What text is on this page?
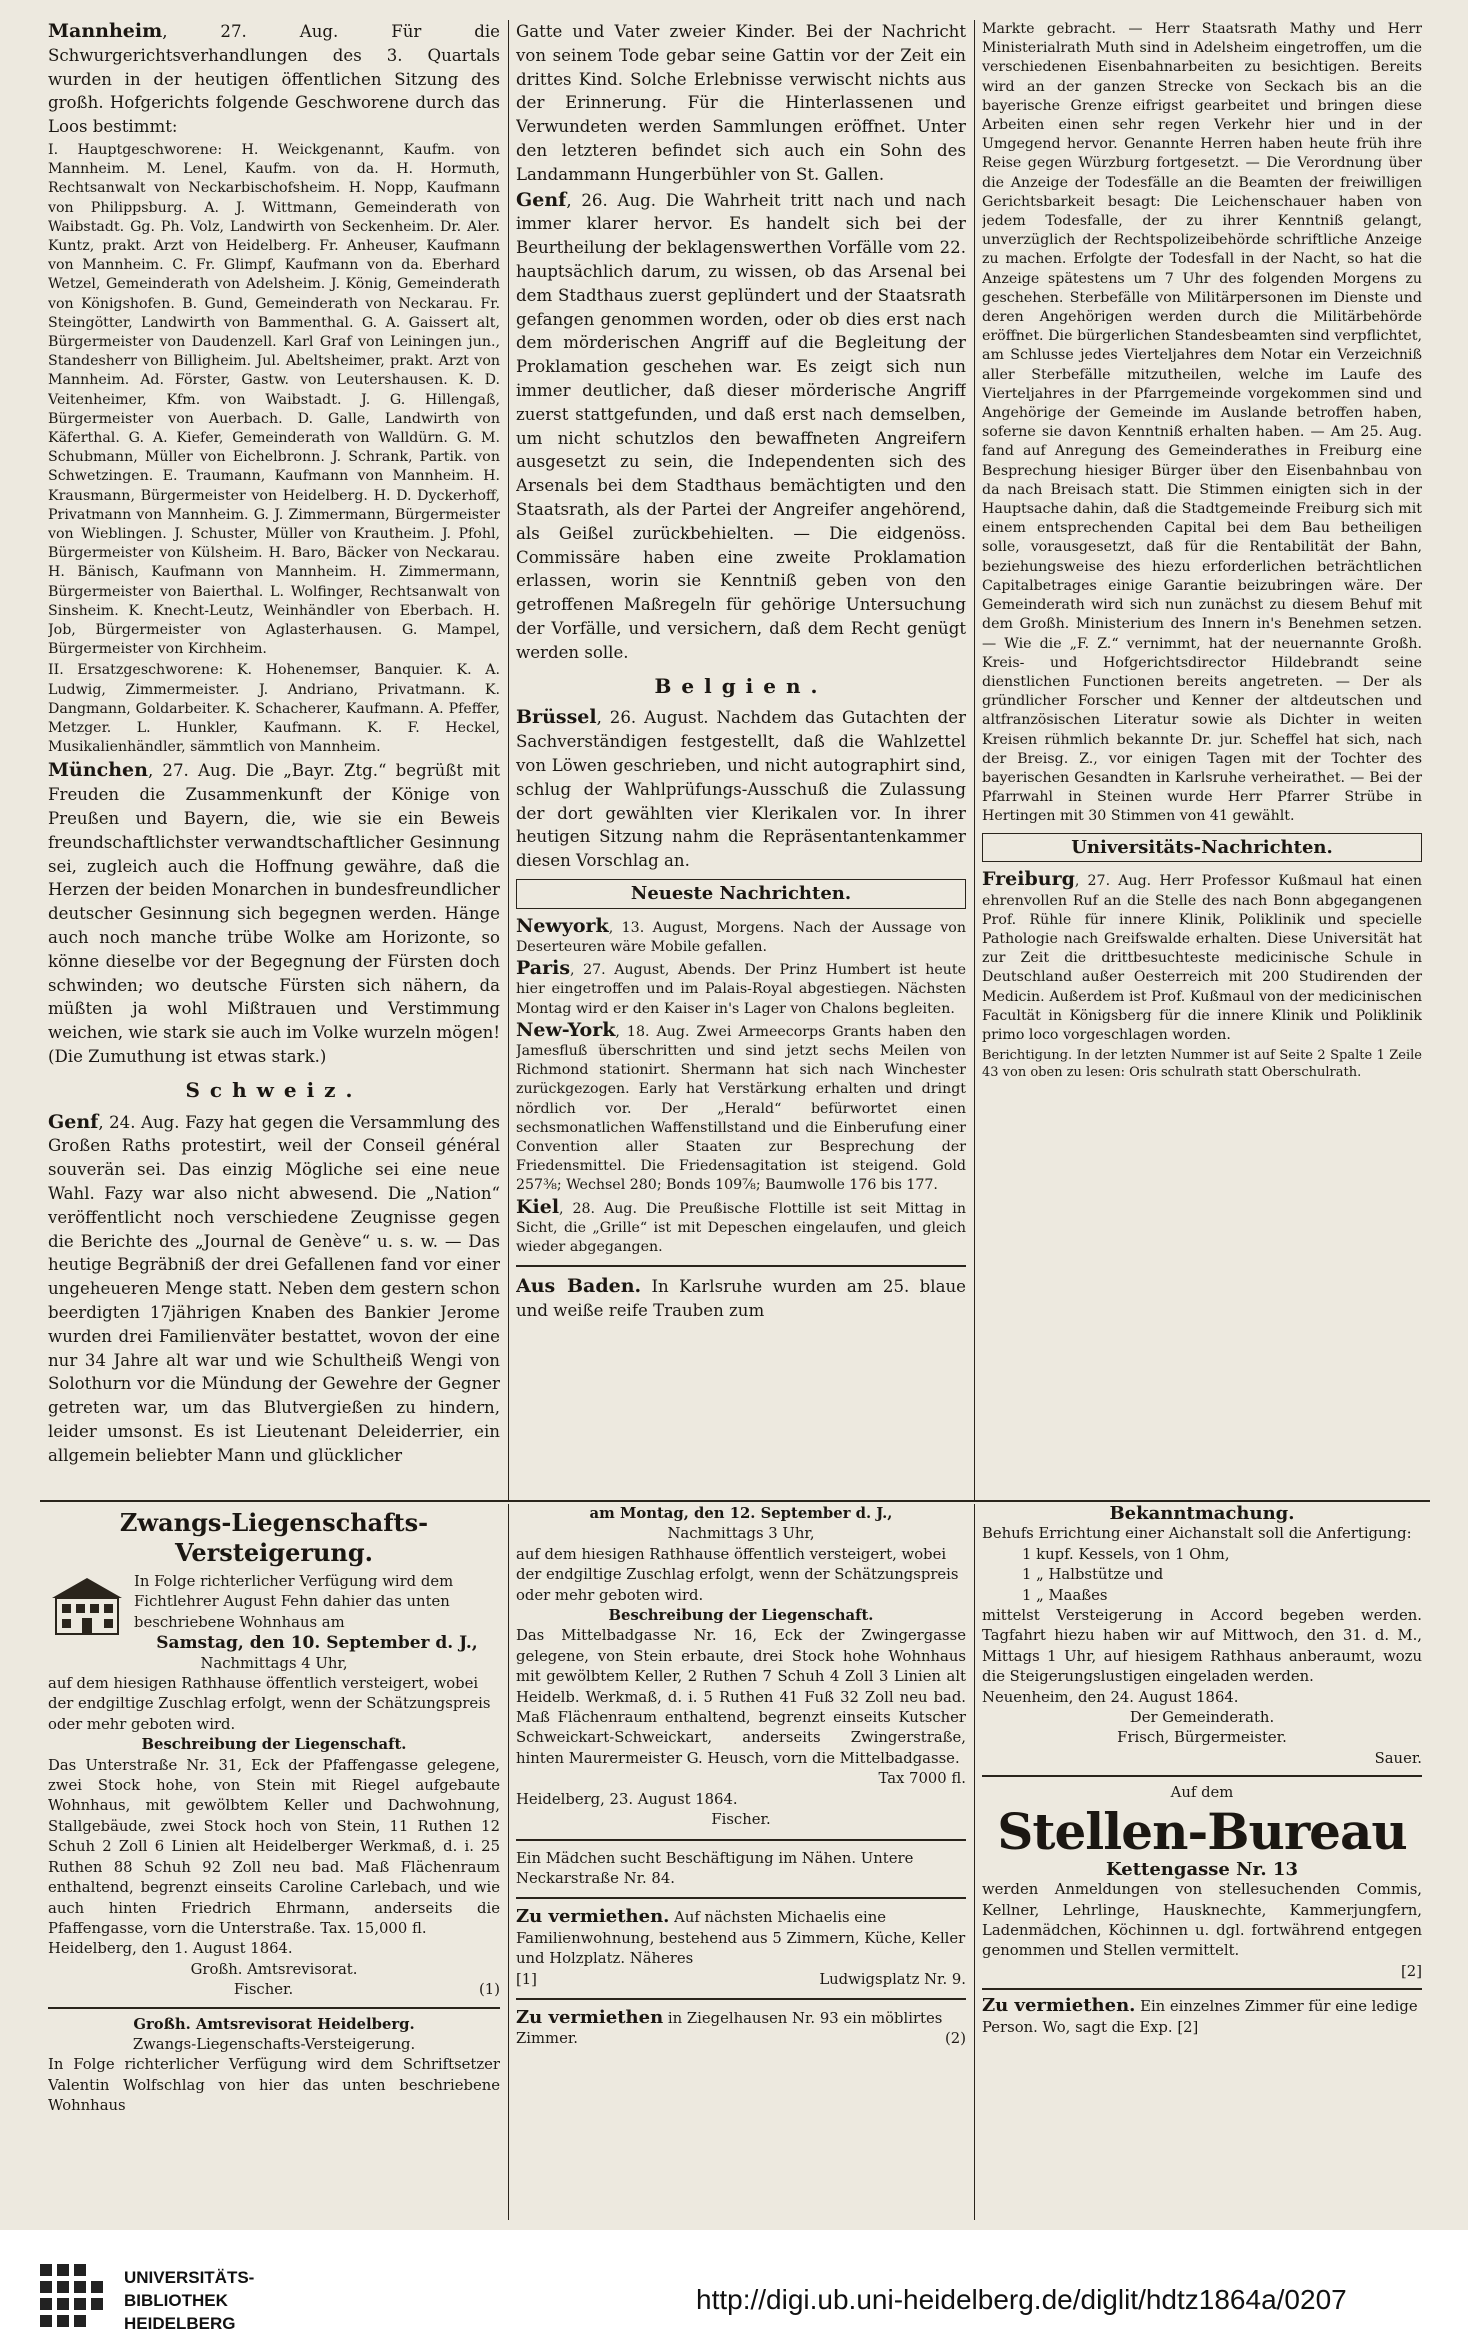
Mannheim, 27. Aug. Für die Schwurgerichtsverhandlungen des 3. Quartals wurden in der heutigen öffentlichen Sitzung des großh. Hofgerichts folgende Geschworene durch das Loos bestimmt:

I. Hauptgeschworene: H. Weickgenannt, Kaufm. von Mannheim. M. Lenel, Kaufm. von da. H. Hormuth, Rechtsanwalt von Neckarbischofsheim. H. Nopp, Kaufmann von Philippsburg. A. J. Wittmann, Gemeinderath von Waibstadt. Gg. Ph. Volz, Landwirth von Seckenheim. Dr. Aler. Kuntz, prakt. Arzt von Heidelberg. Fr. Anheuser, Kaufmann von Mannheim. C. Fr. Glimpf, Kaufmann von da. Eberhard Wetzel, Gemeinderath von Adelsheim. J. König, Gemeinderath von Königshofen. B. Gund, Gemeinderath von Neckarau. Fr. Steingötter, Landwirth von Bammenthal. G. A. Gaissert alt, Bürgermeister von Daudenzell. Karl Graf von Leiningen jun., Standesherr von Billigheim. Jul. Abeltsheimer, prakt. Arzt von Mannheim. Ad. Förster, Gastw. von Leutershausen. K. D. Veitenheimer, Kfm. von Waibstadt. J. G. Hillengaß, Bürgermeister von Auerbach. D. Galle, Landwirth von Käferthal. G. A. Kiefer, Gemeinderath von Walldürn. G. M. Schubmann, Müller von Eichelbronn. J. Schrank, Partik. von Schwetzingen. E. Traumann, Kaufmann von Mannheim. H. Krausmann, Bürgermeister von Heidelberg. H. D. Dyckerhoff, Privatmann von Mannheim. G. J. Zimmermann, Bürgermeister von Wieblingen. J. Schuster, Müller von Krautheim. J. Pfohl, Bürgermeister von Külsheim. H. Baro, Bäcker von Neckarau. H. Bänisch, Kaufmann von Mannheim. H. Zimmermann, Bürgermeister von Baierthal. L. Wolfinger, Rechtsanwalt von Sinsheim. K. Knecht-Leutz, Weinhändler von Eberbach. H. Job, Bürgermeister von Aglasterhausen. G. Mampel, Bürgermeister von Kirchheim.

II. Ersatzgeschworene: K. Hohenemser, Banquier. K. A. Ludwig, Zimmermeister. J. Andriano, Privatmann. K. Dangmann, Goldarbeiter. K. Schacherer, Kaufmann. A. Pfeffer, Metzger. L. Hunkler, Kaufmann. K. F. Heckel, Musikalienhändler, sämmtlich von Mannheim.

München, 27. Aug. Die „Bayr. Ztg.“ begrüßt mit Freuden die Zusammenkunft der Könige von Preußen und Bayern, die, wie sie ein Beweis freundschaftlichster verwandtschaftlicher Gesinnung sei, zugleich auch die Hoffnung gewähre, daß die Herzen der beiden Monarchen in bundesfreundlicher deutscher Gesinnung sich begegnen werden. Hänge auch noch manche trübe Wolke am Horizonte, so könne dieselbe vor der Begegnung der Fürsten doch schwinden; wo deutsche Fürsten sich nähern, da müßten ja wohl Mißtrauen und Verstimmung weichen, wie stark sie auch im Volke wurzeln mögen! (Die Zumuthung ist etwas stark.)

Schweiz.

Genf, 24. Aug. Fazy hat gegen die Versammlung des Großen Raths protestirt, weil der Conseil général souverän sei. Das einzig Mögliche sei eine neue Wahl. Fazy war also nicht abwesend. Die „Nation“ veröffentlicht noch verschiedene Zeugnisse gegen die Berichte des „Journal de Genève“ u. s. w. — Das heutige Begräbniß der drei Gefallenen fand vor einer ungeheueren Menge statt. Neben dem gestern schon beerdigten 17jährigen Knaben des Bankier Jerome wurden drei Familienväter bestattet, wovon der eine nur 34 Jahre alt war und wie Schultheiß Wengi von Solothurn vor die Mündung der Gewehre der Gegner getreten war, um das Blutvergießen zu hindern, leider umsonst. Es ist Lieutenant Deleiderrier, ein allgemein beliebter Mann und glücklicher

Gatte und Vater zweier Kinder. Bei der Nachricht von seinem Tode gebar seine Gattin vor der Zeit ein drittes Kind. Solche Erlebnisse verwischt nichts aus der Erinnerung. Für die Hinterlassenen und Verwundeten werden Sammlungen eröffnet. Unter den letzteren befindet sich auch ein Sohn des Landammann Hungerbühler von St. Gallen.

Genf, 26. Aug. Die Wahrheit tritt nach und nach immer klarer hervor. Es handelt sich bei der Beurtheilung der beklagenswerthen Vorfälle vom 22. hauptsächlich darum, zu wissen, ob das Arsenal bei dem Stadthaus zuerst geplündert und der Staatsrath gefangen genommen worden, oder ob dies erst nach dem mörderischen Angriff auf die Begleitung der Proklamation geschehen war. Es zeigt sich nun immer deutlicher, daß dieser mörderische Angriff zuerst stattgefunden, und daß erst nach demselben, um nicht schutzlos den bewaffneten Angreifern ausgesetzt zu sein, die Independenten sich des Arsenals bei dem Stadthaus bemächtigten und den Staatsrath, als der Partei der Angreifer angehörend, als Geißel zurückbehielten. — Die eidgenöss. Commissäre haben eine zweite Proklamation erlassen, worin sie Kenntniß geben von den getroffenen Maßregeln für gehörige Untersuchung der Vorfälle, und versichern, daß dem Recht genügt werden solle.

Belgien.

Brüssel, 26. August. Nachdem das Gutachten der Sachverständigen festgestellt, daß die Wahlzettel von Löwen geschrieben, und nicht autographirt sind, schlug der Wahlprüfungs-Ausschuß die Zulassung der dort gewählten vier Klerikalen vor. In ihrer heutigen Sitzung nahm die Repräsentantenkammer diesen Vorschlag an.

Neueste Nachrichten.

Newyork, 13. August, Morgens. Nach der Aussage von Deserteuren wäre Mobile gefallen.

Paris, 27. August, Abends. Der Prinz Humbert ist heute hier eingetroffen und im Palais-Royal abgestiegen. Nächsten Montag wird er den Kaiser in's Lager von Chalons begleiten.

New-York, 18. Aug. Zwei Armeecorps Grants haben den Jamesfluß überschritten und sind jetzt sechs Meilen von Richmond stationirt. Shermann hat sich nach Winchester zurückgezogen. Early hat Verstärkung erhalten und dringt nördlich vor. Der „Herald“ befürwortet einen sechsmonatlichen Waffenstillstand und die Einberufung einer Convention aller Staaten zur Besprechung der Friedensmittel. Die Friedensagitation ist steigend. Gold 257⅜; Wechsel 280; Bonds 109⅞; Baumwolle 176 bis 177.

Kiel, 28. Aug. Die Preußische Flottille ist seit Mittag in Sicht, die „Grille“ ist mit Depeschen eingelaufen, und gleich wieder abgegangen.

Aus Baden. In Karlsruhe wurden am 25. blaue und weiße reife Trauben zum

Markte gebracht. — Herr Staatsrath Mathy und Herr Ministerialrath Muth sind in Adelsheim eingetroffen, um die verschiedenen Eisenbahnarbeiten zu besichtigen. Bereits wird an der ganzen Strecke von Seckach bis an die bayerische Grenze eifrigst gearbeitet und bringen diese Arbeiten einen sehr regen Verkehr hier und in der Umgegend hervor. Genannte Herren haben heute früh ihre Reise gegen Würzburg fortgesetzt. — Die Verordnung über die Anzeige der Todesfälle an die Beamten der freiwilligen Gerichtsbarkeit besagt: Die Leichenschauer haben von jedem Todesfalle, der zu ihrer Kenntniß gelangt, unverzüglich der Rechtspolizeibehörde schriftliche Anzeige zu machen. Erfolgte der Todesfall in der Nacht, so hat die Anzeige spätestens um 7 Uhr des folgenden Morgens zu geschehen. Sterbefälle von Militärpersonen im Dienste und deren Angehörigen werden durch die Militärbehörde eröffnet. Die bürgerlichen Standesbeamten sind verpflichtet, am Schlusse jedes Vierteljahres dem Notar ein Verzeichniß aller Sterbefälle mitzutheilen, welche im Laufe des Vierteljahres in der Pfarrgemeinde vorgekommen sind und Angehörige der Gemeinde im Auslande betroffen haben, soferne sie davon Kenntniß erhalten haben. — Am 25. Aug. fand auf Anregung des Gemeinderathes in Freiburg eine Besprechung hiesiger Bürger über den Eisenbahnbau von da nach Breisach statt. Die Stimmen einigten sich in der Hauptsache dahin, daß die Stadtgemeinde Freiburg sich mit einem entsprechenden Capital bei dem Bau betheiligen solle, vorausgesetzt, daß für die Rentabilität der Bahn, beziehungsweise des hiezu erforderlichen beträchtlichen Capitalbetrages einige Garantie beizubringen wäre. Der Gemeinderath wird sich nun zunächst zu diesem Behuf mit dem Großh. Ministerium des Innern in's Benehmen setzen. — Wie die „F. Z.“ vernimmt, hat der neuernannte Großh. Kreis- und Hofgerichtsdirector Hildebrandt seine dienstlichen Functionen bereits angetreten. — Der als gründlicher Forscher und Kenner der altdeutschen und altfranzösischen Literatur sowie als Dichter in weiten Kreisen rühmlich bekannte Dr. jur. Scheffel hat sich, nach der Breisg. Z., vor einigen Tagen mit der Tochter des bayerischen Gesandten in Karlsruhe verheirathet. — Bei der Pfarrwahl in Steinen wurde Herr Pfarrer Strübe in Hertingen mit 30 Stimmen von 41 gewählt.

Universitäts-Nachrichten.

Freiburg, 27. Aug. Herr Professor Kußmaul hat einen ehrenvollen Ruf an die Stelle des nach Bonn abgegangenen Prof. Rühle für innere Klinik, Poliklinik und specielle Pathologie nach Greifswalde erhalten. Diese Universität hat zur Zeit die drittbesuchteste medicinische Schule in Deutschland außer Oesterreich mit 200 Studirenden der Medicin. Außerdem ist Prof. Kußmaul von der medicinischen Facultät in Königsberg für die innere Klinik und Poliklinik primo loco vorgeschlagen worden.

Berichtigung. In der letzten Nummer ist auf Seite 2 Spalte 1 Zeile 43 von oben zu lesen: Oris schulrath statt Oberschulrath.

Zwangs-Liegenschafts-Versteigerung.

In Folge richterlicher Verfügung wird dem Fichtlehrer August Fehn dahier das unten beschriebene Wohnhaus am

Samstag, den 10. September d. J.,

Nachmittags 4 Uhr,

auf dem hiesigen Rathhause öffentlich versteigert, wobei der endgiltige Zuschlag erfolgt, wenn der Schätzungspreis oder mehr geboten wird.

Beschreibung der Liegenschaft.

Das Unterstraße Nr. 31, Eck der Pfaffengasse gelegene, zwei Stock hohe, von Stein mit Riegel aufgebaute Wohnhaus, mit gewölbtem Keller und Dachwohnung, Stallgebäude, zwei Stock hoch von Stein, 11 Ruthen 12 Schuh 2 Zoll 6 Linien alt Heidelberger Werkmaß, d. i. 25 Ruthen 88 Schuh 92 Zoll neu bad. Maß Flächenraum enthaltend, begrenzt einseits Caroline Carlebach, und wie auch hinten Friedrich Ehrmann, anderseits die Pfaffengasse, vorn die Unterstraße. Tax. 15,000 fl.

Heidelberg, den 1. August 1864.

Großh. Amtsrevisorat.

Fischer.	(1)

Großh. Amtsrevisorat Heidelberg.

Zwangs-Liegenschafts-Versteigerung.

In Folge richterlicher Verfügung wird dem Schriftsetzer Valentin Wolfschlag von hier das unten beschriebene Wohnhaus

am Montag, den 12. September d. J.,

Nachmittags 3 Uhr,

auf dem hiesigen Rathhause öffentlich versteigert, wobei der endgiltige Zuschlag erfolgt, wenn der Schätzungspreis oder mehr geboten wird.

Beschreibung der Liegenschaft.

Das Mittelbadgasse Nr. 16, Eck der Zwingergasse gelegene, von Stein erbaute, drei Stock hohe Wohnhaus mit gewölbtem Keller, 2 Ruthen 7 Schuh 4 Zoll 3 Linien alt Heidelb. Werkmaß, d. i. 5 Ruthen 41 Fuß 32 Zoll neu bad. Maß Flächenraum enthaltend, begrenzt einseits Kutscher Schweickart-Schweickart, anderseits Zwingerstraße, hinten Maurermeister G. Heusch, vorn die Mittelbadgasse.

Tax 7000 fl.

Heidelberg, 23. August 1864.

Fischer.

Ein Mädchen sucht Beschäftigung im Nähen. Untere Neckarstraße Nr. 84.

Zu vermiethen. Auf nächsten Michaelis eine Familienwohnung, bestehend aus 5 Zimmern, Küche, Keller und Holzplatz. Näheres

[1]	Ludwigsplatz Nr. 9.

Zu vermiethen in Ziegelhausen Nr. 93 ein möblirtes Zimmer.	(2)

Bekanntmachung.

Behufs Errichtung einer Aichanstalt soll die Anfertigung:

1 kupf. Kessels, von 1 Ohm,

1 „ Halbstütze und

1 „ Maaßes

mittelst Versteigerung in Accord begeben werden. Tagfahrt hiezu haben wir auf Mittwoch, den 31. d. M., Mittags 1 Uhr, auf hiesigem Rathhaus anberaumt, wozu die Steigerungslustigen eingeladen werden.

Neuenheim, den 24. August 1864.

Der Gemeinderath.

Frisch, Bürgermeister.

Sauer.

Auf dem

Stellen-Bureau

Kettengasse Nr. 13

werden Anmeldungen von stellesuchenden Commis, Kellner, Lehrlinge, Hausknechte, Kammerjungfern, Ladenmädchen, Köchinnen u. dgl. fortwährend entgegen genommen und Stellen vermittelt.

[2]

Zu vermiethen. Ein einzelnes Zimmer für eine ledige Person. Wo, sagt die Exp. [2]

UNIVERSITÄTS-
BIBLIOTHEK
HEIDELBERG
http://digi.ub.uni-heidelberg.de/diglit/hdtz1864a/0207
